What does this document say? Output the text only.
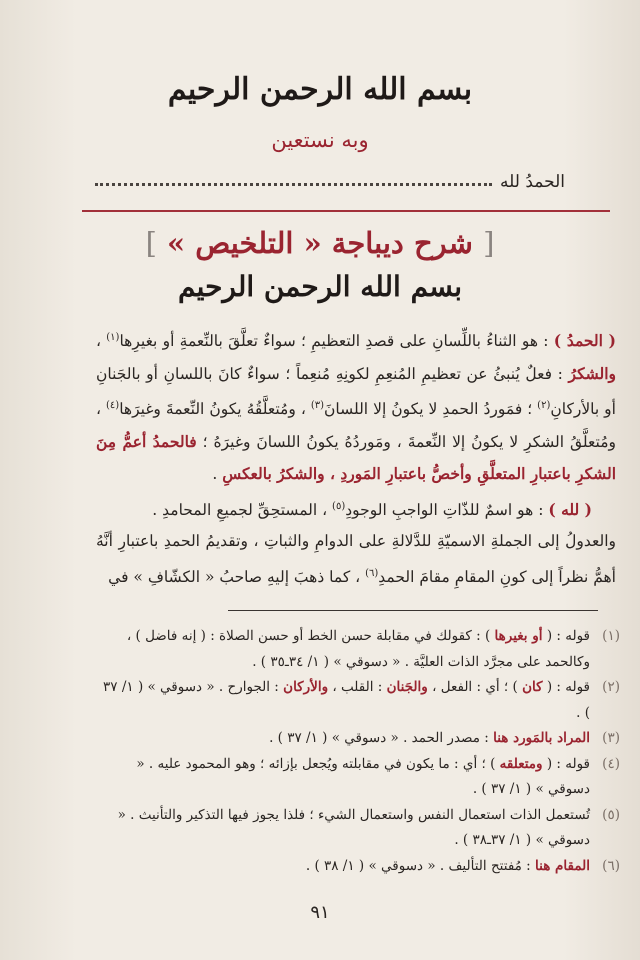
بسم الله الرحمن الرحيم
وبه نستعين
الحمدُ لله
[ شرح ديباجة « التلخيص » ]
بسم الله الرحمن الرحيم

( الحمدُ ) : هو الثناءُ باللِّسانِ على قصدِ التعظيمِ ؛ سواءٌ تعلَّقَ بالنِّعمةِ أو بغيرِها$^{(١)}$ ، والشكرُ : فعلٌ يُنبئُ عن تعظيمِ المُنعِمِ لكونِهِ مُنعِماً ؛ سواءٌ كانَ باللسانِ أو بالجَنانِ أو بالأركانِ$^{(٢)}$ ؛ فمَوردُ الحمدِ لا يكونُ إلا اللسانَ$^{(٣)}$ ، ومُتعلَّقُهُ يكونُ النِّعمةَ وغيرَها$^{(٤)}$ ، ومُتعلَّقُ الشكرِ لا يكونُ إلا النِّعمةَ ، ومَوردُهُ يكونُ اللسانَ وغيرَهُ ؛ فالحمدُ أعمُّ مِنَ الشكرِ باعتبارِ المتعلَّقِ وأخصُّ باعتبارِ المَوردِ ، والشكرُ بالعكسِ .

( لله ) : هو اسمٌ للذّاتِ الواجبِ الوجودِ$^{(٥)}$ ، المستحِقِّ لجميعِ المحامدِ .

والعدولُ إلى الجملةِ الاسميّةِ للدَّلالةِ على الدوامِ والثباتِ ، وتقديمُ الحمدِ باعتبارِ أنَّهُ أهمُّ نظراً إلى كونِ المقامِ مقامَ الحمدِ$^{(٦)}$ ، كما ذهبَ إليهِ صاحبُ « الكشّافِ » في

(١)
قوله : ( أو بغيرها ) : كقولك في مقابلة حسن الخط أو حسن الصلاة : ( إنه فاضل ) ، وكالحمد على مجرَّد الذات العليَّة . « دسوقي » ( ١/ ٣٤ـ٣٥ ) .

(٢)
قوله : ( كان ) ؛ أي : الفعل ، والجَنان : القلب ، والأركان : الجوارح . « دسوقي » ( ١/ ٣٧ ) .

(٣)
المراد بالمَورد هنا : مصدر الحمد . « دسوقي » ( ١/ ٣٧ ) .

(٤)
قوله : ( ومتعلقه ) ؛ أي : ما يكون في مقابلته ويُجعل بإزائه ؛ وهو المحمود عليه . « دسوقي » ( ١/ ٣٧ ) .

(٥)
تُستعمل الذات استعمال النفس واستعمال الشيء ؛ فلذا يجوز فيها التذكير والتأنيث . « دسوقي » ( ١/ ٣٧ـ٣٨ ) .

(٦)
المقام هنا : مُفتتح التأليف . « دسوقي » ( ١/ ٣٨ ) .

٩١
